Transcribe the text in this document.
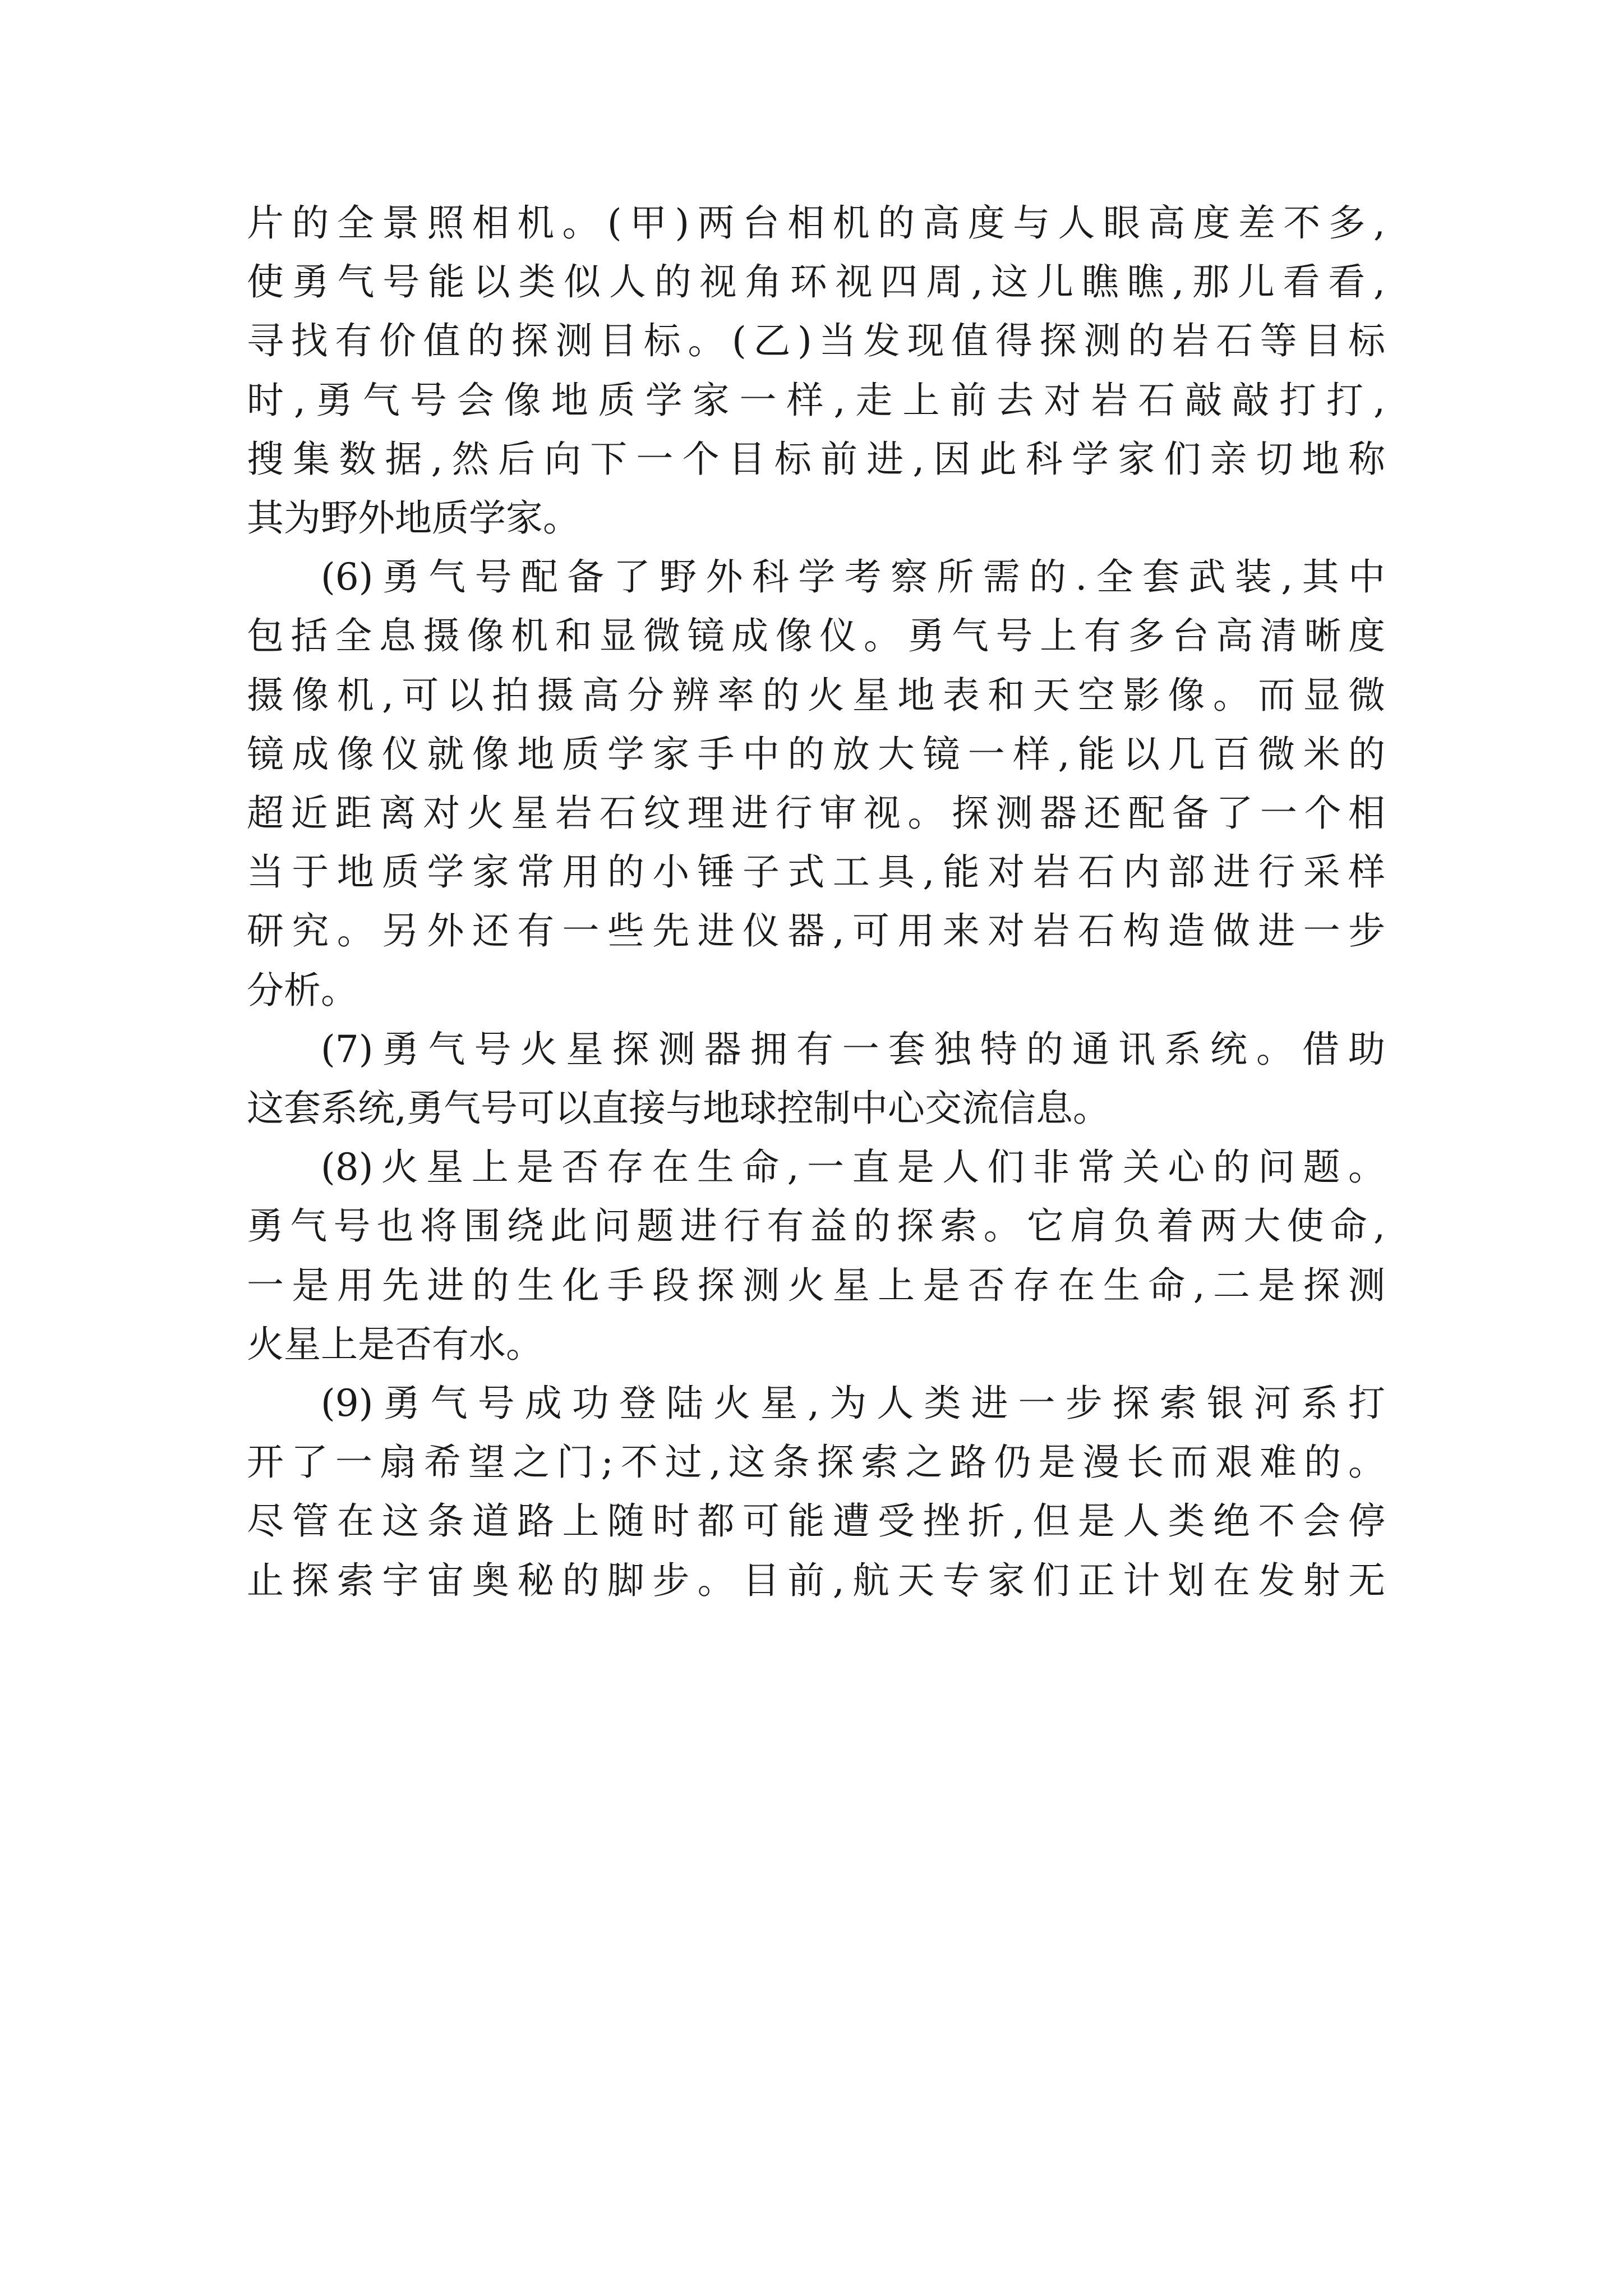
片的全景照相机。(甲)两台相机的高度与人眼高度差不多,
使勇气号能以类似人的视角环视四周,这儿瞧瞧,那儿看看,
寻找有价值的探测目标。(乙)当发现值得探测的岩石等目标
时,勇气号会像地质学家一样,走上前去对岩石敲敲打打,
搜集数据,然后向下一个目标前进,因此科学家们亲切地称
其为野外地质学家。

(6)勇气号配备了野外科学考察所需的.全套武装,其中
包括全息摄像机和显微镜成像仪。勇气号上有多台高清晰度
摄像机,可以拍摄高分辨率的火星地表和天空影像。而显微
镜成像仪就像地质学家手中的放大镜一样,能以几百微米的
超近距离对火星岩石纹理进行审视。探测器还配备了一个相
当于地质学家常用的小锤子式工具,能对岩石内部进行采样
研究。另外还有一些先进仪器,可用来对岩石构造做进一步
分析。

(7)勇气号火星探测器拥有一套独特的通讯系统。借助
这套系统,勇气号可以直接与地球控制中心交流信息。

(8)火星上是否存在生命,一直是人们非常关心的问题。
勇气号也将围绕此问题进行有益的探索。它肩负着两大使命,
一是用先进的生化手段探测火星上是否存在生命,二是探测
火星上是否有水。

(9)勇气号成功登陆火星,为人类进一步探索银河系打
开了一扇希望之门;不过,这条探索之路仍是漫长而艰难的。
尽管在这条道路上随时都可能遭受挫折,但是人类绝不会停
止探索宇宙奥秘的脚步。目前,航天专家们正计划在发射无
